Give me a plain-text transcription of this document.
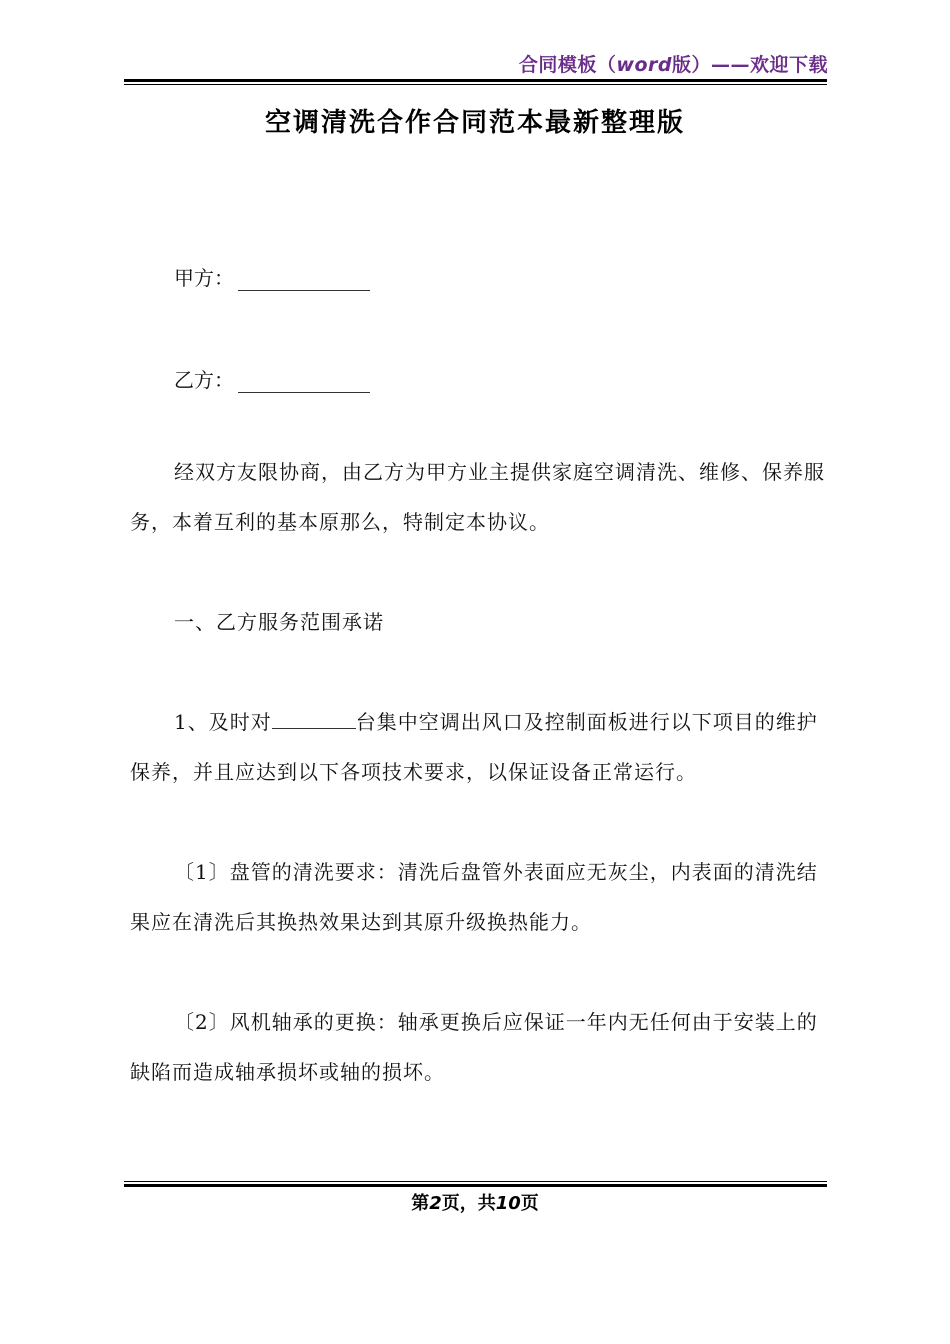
合同模板（word版）——欢迎下载
空调清洗合作合同范本最新整理版
甲方：
乙方：

经双方友限协商，由乙方为甲方业主提供家庭空调清洗、维修、保养服务，本着互利的基本原那么，特制定本协议。

一、乙方服务范围承诺

1、及时对	台集中空调出风口及控制面板进行以下项目的维护保养，并且应达到以下各项技术要求，以保证设备正常运行。

〔1〕盘管的清洗要求：清洗后盘管外表面应无灰尘，内表面的清洗结果应在清洗后其换热效果达到其原升级换热能力。

〔2〕风机轴承的更换：轴承更换后应保证一年内无任何由于安装上的缺陷而造成轴承损坏或轴的损坏。

第2页，共10页
